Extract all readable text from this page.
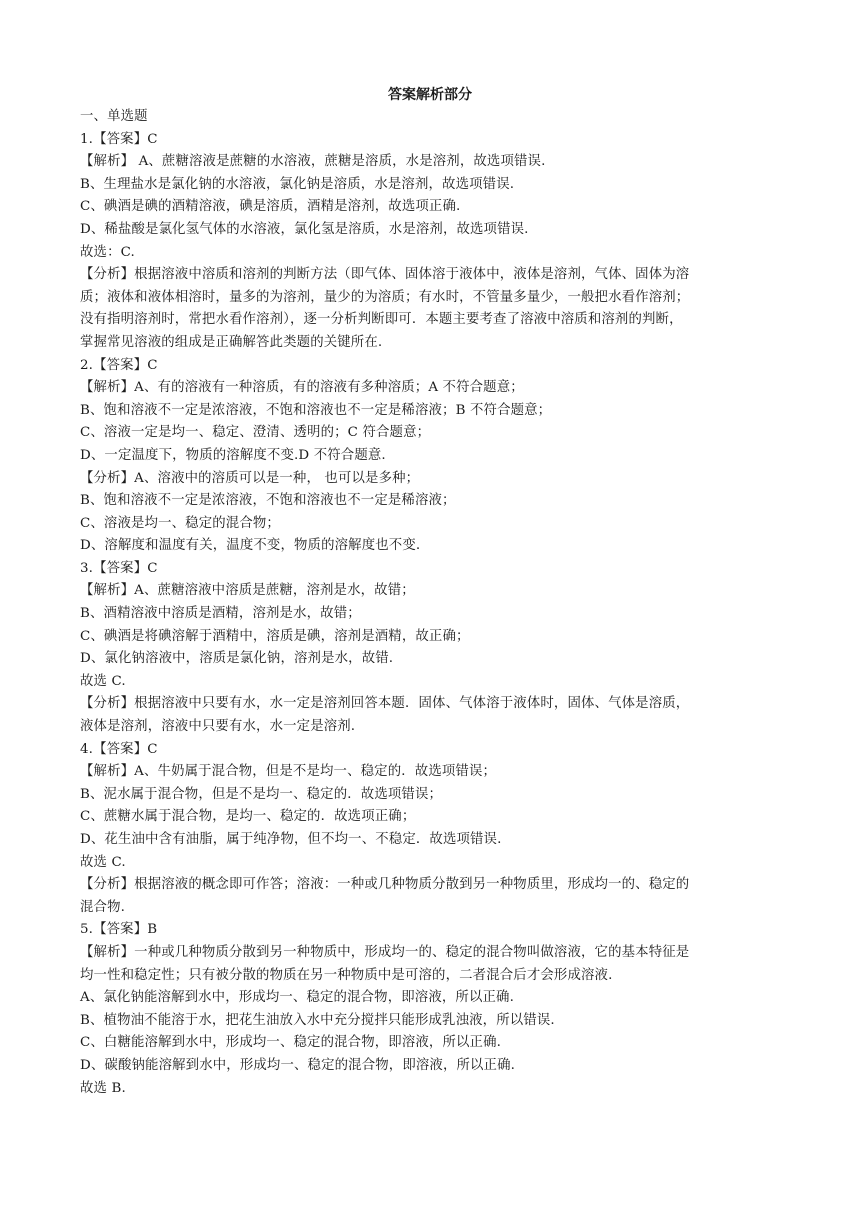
答案解析部分
一、单选题
1.【答案】C
【解析】 A、蔗糖溶液是蔗糖的水溶液，蔗糖是溶质，水是溶剂，故选项错误.
B、生理盐水是氯化钠的水溶液，氯化钠是溶质，水是溶剂，故选项错误.
C、碘酒是碘的酒精溶液，碘是溶质，酒精是溶剂，故选项正确.
D、稀盐酸是氯化氢气体的水溶液，氯化氢是溶质，水是溶剂，故选项错误.
故选：C.
【分析】根据溶液中溶质和溶剂的判断方法（即气体、固体溶于液体中，液体是溶剂，气体、固体为溶
质；液体和液体相溶时，量多的为溶剂，量少的为溶质；有水时，不管量多量少，一般把水看作溶剂；
没有指明溶剂时，常把水看作溶剂），逐一分析判断即可．本题主要考查了溶液中溶质和溶剂的判断，
掌握常见溶液的组成是正确解答此类题的关键所在.
2.【答案】C
【解析】A、有的溶液有一种溶质，有的溶液有多种溶质；A 不符合题意；
B、饱和溶液不一定是浓溶液，不饱和溶液也不一定是稀溶液；B 不符合题意；
C、溶液一定是均一、稳定、澄清、透明的；C 符合题意；
D、一定温度下，物质的溶解度不变.D 不符合题意.
【分析】A、溶液中的溶质可以是一种， 也可以是多种；
B、饱和溶液不一定是浓溶液，不饱和溶液也不一定是稀溶液；
C、溶液是均一、稳定的混合物；
D、溶解度和温度有关，温度不变，物质的溶解度也不变.
3.【答案】C
【解析】A、蔗糖溶液中溶质是蔗糖，溶剂是水，故错；
B、酒精溶液中溶质是酒精，溶剂是水，故错；
C、碘酒是将碘溶解于酒精中，溶质是碘，溶剂是酒精，故正确；
D、氯化钠溶液中，溶质是氯化钠，溶剂是水，故错.
故选 C.
【分析】根据溶液中只要有水，水一定是溶剂回答本题．固体、气体溶于液体时，固体、气体是溶质，
液体是溶剂，溶液中只要有水，水一定是溶剂.
4.【答案】C
【解析】A、牛奶属于混合物，但是不是均一、稳定的．故选项错误；
B、泥水属于混合物，但是不是均一、稳定的．故选项错误；
C、蔗糖水属于混合物，是均一、稳定的．故选项正确；
D、花生油中含有油脂，属于纯净物，但不均一、不稳定．故选项错误.
故选 C.
【分析】根据溶液的概念即可作答；溶液：一种或几种物质分散到另一种物质里，形成均一的、稳定的
混合物.
5.【答案】B
【解析】一种或几种物质分散到另一种物质中，形成均一的、稳定的混合物叫做溶液，它的基本特征是
均一性和稳定性；只有被分散的物质在另一种物质中是可溶的，二者混合后才会形成溶液.
A、氯化钠能溶解到水中，形成均一、稳定的混合物，即溶液，所以正确.
B、植物油不能溶于水，把花生油放入水中充分搅拌只能形成乳浊液，所以错误.
C、白糖能溶解到水中，形成均一、稳定的混合物，即溶液，所以正确.
D、碳酸钠能溶解到水中，形成均一、稳定的混合物，即溶液，所以正确.
故选 B.
